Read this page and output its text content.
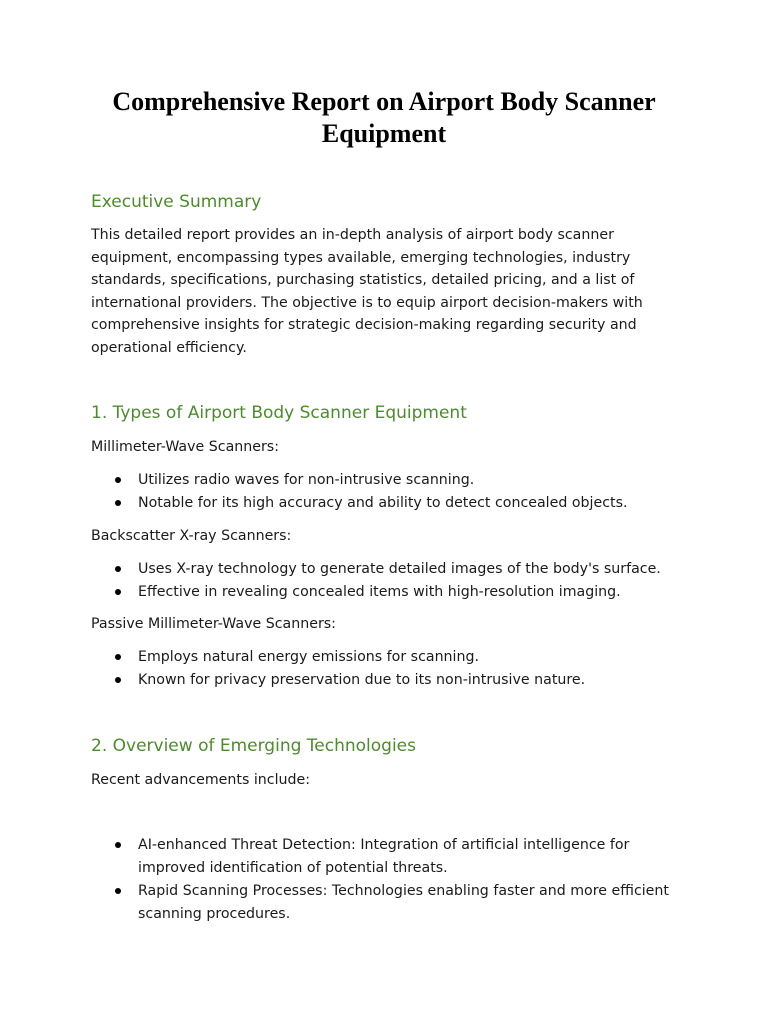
Comprehensive Report on Airport Body Scanner Equipment
Executive Summary

This detailed report provides an in-depth analysis of airport body scanner equipment, encompassing types available, emerging technologies, industry standards, specifications, purchasing statistics, detailed pricing, and a list of international providers. The objective is to equip airport decision-makers with comprehensive insights for strategic decision-making regarding security and operational efficiency.

1. Types of Airport Body Scanner Equipment

Millimeter-Wave Scanners:

Utilizes radio waves for non-intrusive scanning.
Notable for its high accuracy and ability to detect concealed objects.

Backscatter X-ray Scanners:

Uses X-ray technology to generate detailed images of the body's surface.
Effective in revealing concealed items with high-resolution imaging.

Passive Millimeter-Wave Scanners:

Employs natural energy emissions for scanning.
Known for privacy preservation due to its non-intrusive nature.
2. Overview of Emerging Technologies

Recent advancements include:

AI-enhanced Threat Detection: Integration of artificial intelligence for improved identification of potential threats.
Rapid Scanning Processes: Technologies enabling faster and more efficient scanning procedures.
